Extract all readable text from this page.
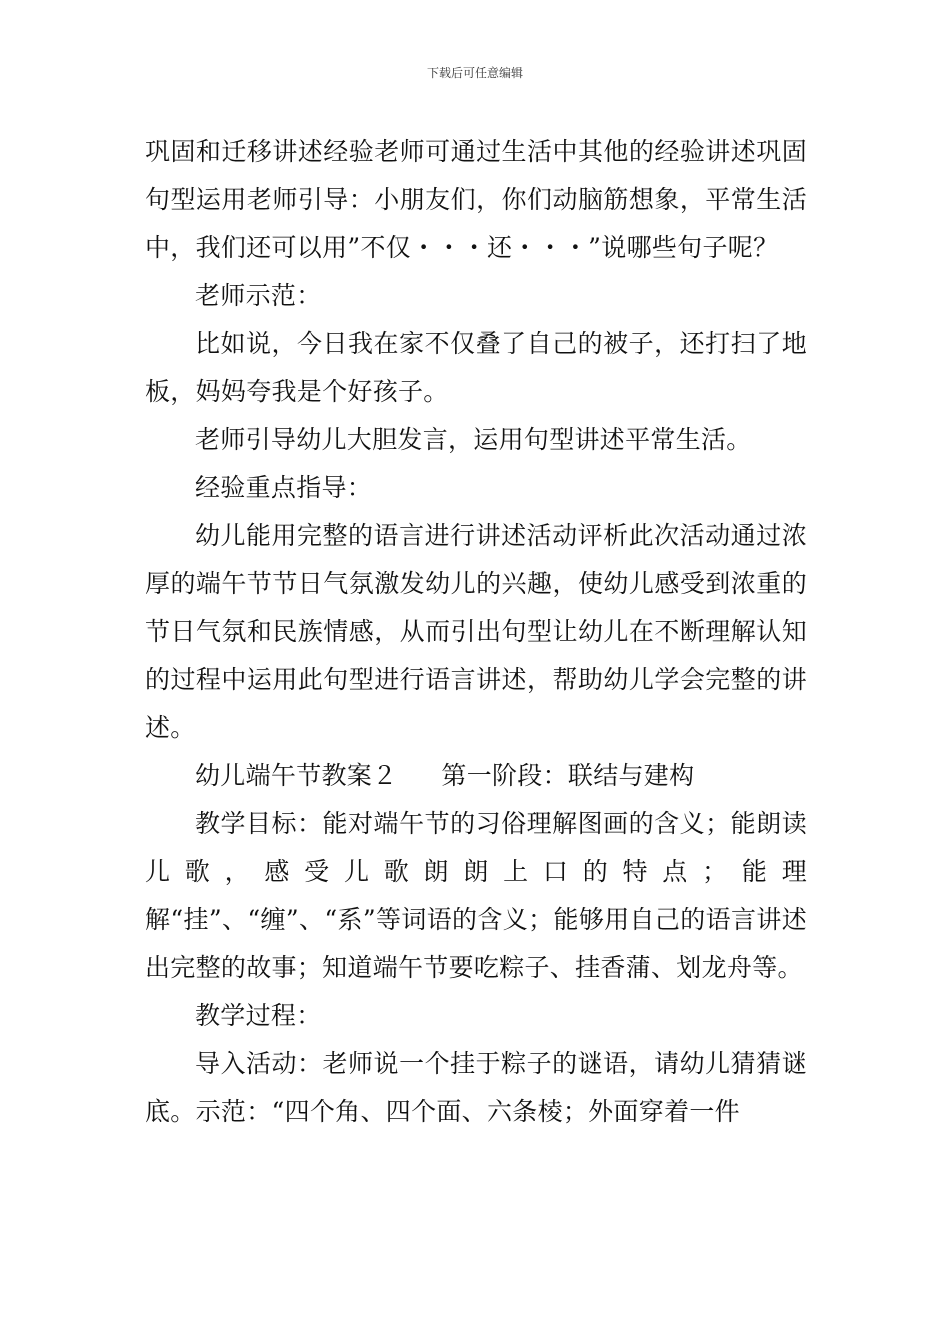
下载后可任意编辑

巩固和迁移讲述经验老师可通过生活中其他的经验讲述巩固句型运用老师引导：小朋友们，你们动脑筋想象，平常生活中，我们还可以用”不仅・・・还・・・”说哪些句子呢？

老师示范：

比如说，今日我在家不仅叠了自己的被子，还打扫了地板，妈妈夸我是个好孩子。

老师引导幼儿大胆发言，运用句型讲述平常生活。

经验重点指导：

幼儿能用完整的语言进行讲述活动评析此次活动通过浓厚的端午节节日气氛激发幼儿的兴趣，使幼儿感受到浓重的节日气氛和民族情感，从而引出句型让幼儿在不断理解认知的过程中运用此句型进行语言讲述，帮助幼儿学会完整的讲述。

幼儿端午节教案２ 第一阶段：联结与建构

教学目标：能对端午节的习俗理解图画的含义；能朗读儿歌，感受儿歌朗朗上口的特点；能理解“挂”、“缠”、“系”等词语的含义；能够用自己的语言讲述出完整的故事；知道端午节要吃粽子、挂香蒲、划龙舟等。

教学过程：

导入活动：老师说一个挂于粽子的谜语，请幼儿猜猜谜底。示范：“四个角、四个面、六条棱；外面穿着一件
